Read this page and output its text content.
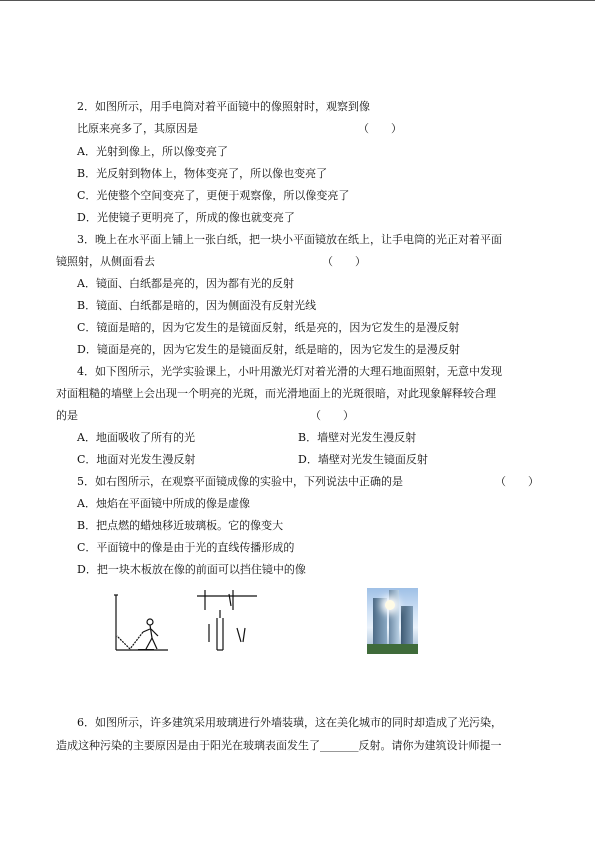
2．如图所示，用手电筒对着平面镜中的像照射时，观察到像
比原来亮多了，其原因是	（　　）
A．光射到像上，所以像变亮了
B．光反射到物体上，物体变亮了，所以像也变亮了
C．光使整个空间变亮了，更便于观察像，所以像变亮了
D．光使镜子更明亮了，所成的像也就变亮了
3．晚上在水平面上铺上一张白纸，把一块小平面镜放在纸上，让手电筒的光正对着平面
镜照射，从侧面看去	（　　）
A．镜面、白纸都是亮的，因为都有光的反射
B．镜面、白纸都是暗的，因为侧面没有反射光线
C．镜面是暗的，因为它发生的是镜面反射，纸是亮的，因为它发生的是漫反射
D．镜面是亮的，因为它发生的是镜面反射，纸是暗的，因为它发生的是漫反射
4．如下图所示，光学实验课上，小叶用激光灯对着光滑的大理石地面照射，无意中发现
对面粗糙的墙壁上会出现一个明亮的光斑，而光滑地面上的光斑很暗，对此现象解释较合理
的是	（　　）
A．地面吸收了所有的光	B．墙壁对光发生漫反射
C．地面对光发生漫反射	D．墙壁对光发生镜面反射
5．如右图所示，在观察平面镜成像的实验中，下列说法中正确的是	（　　）
A．烛焰在平面镜中所成的像是虚像
B．把点燃的蜡烛移近玻璃板。它的像变大
C．平面镜中的像是由于光的直线传播形成的
D．把一块木板放在像的前面可以挡住镜中的像
6．如图所示，许多建筑采用玻璃进行外墙装璜，这在美化城市的同时却造成了光污染，
造成这种污染的主要原因是由于阳光在玻璃表面发生了_______反射。请你为建筑设计师提一
